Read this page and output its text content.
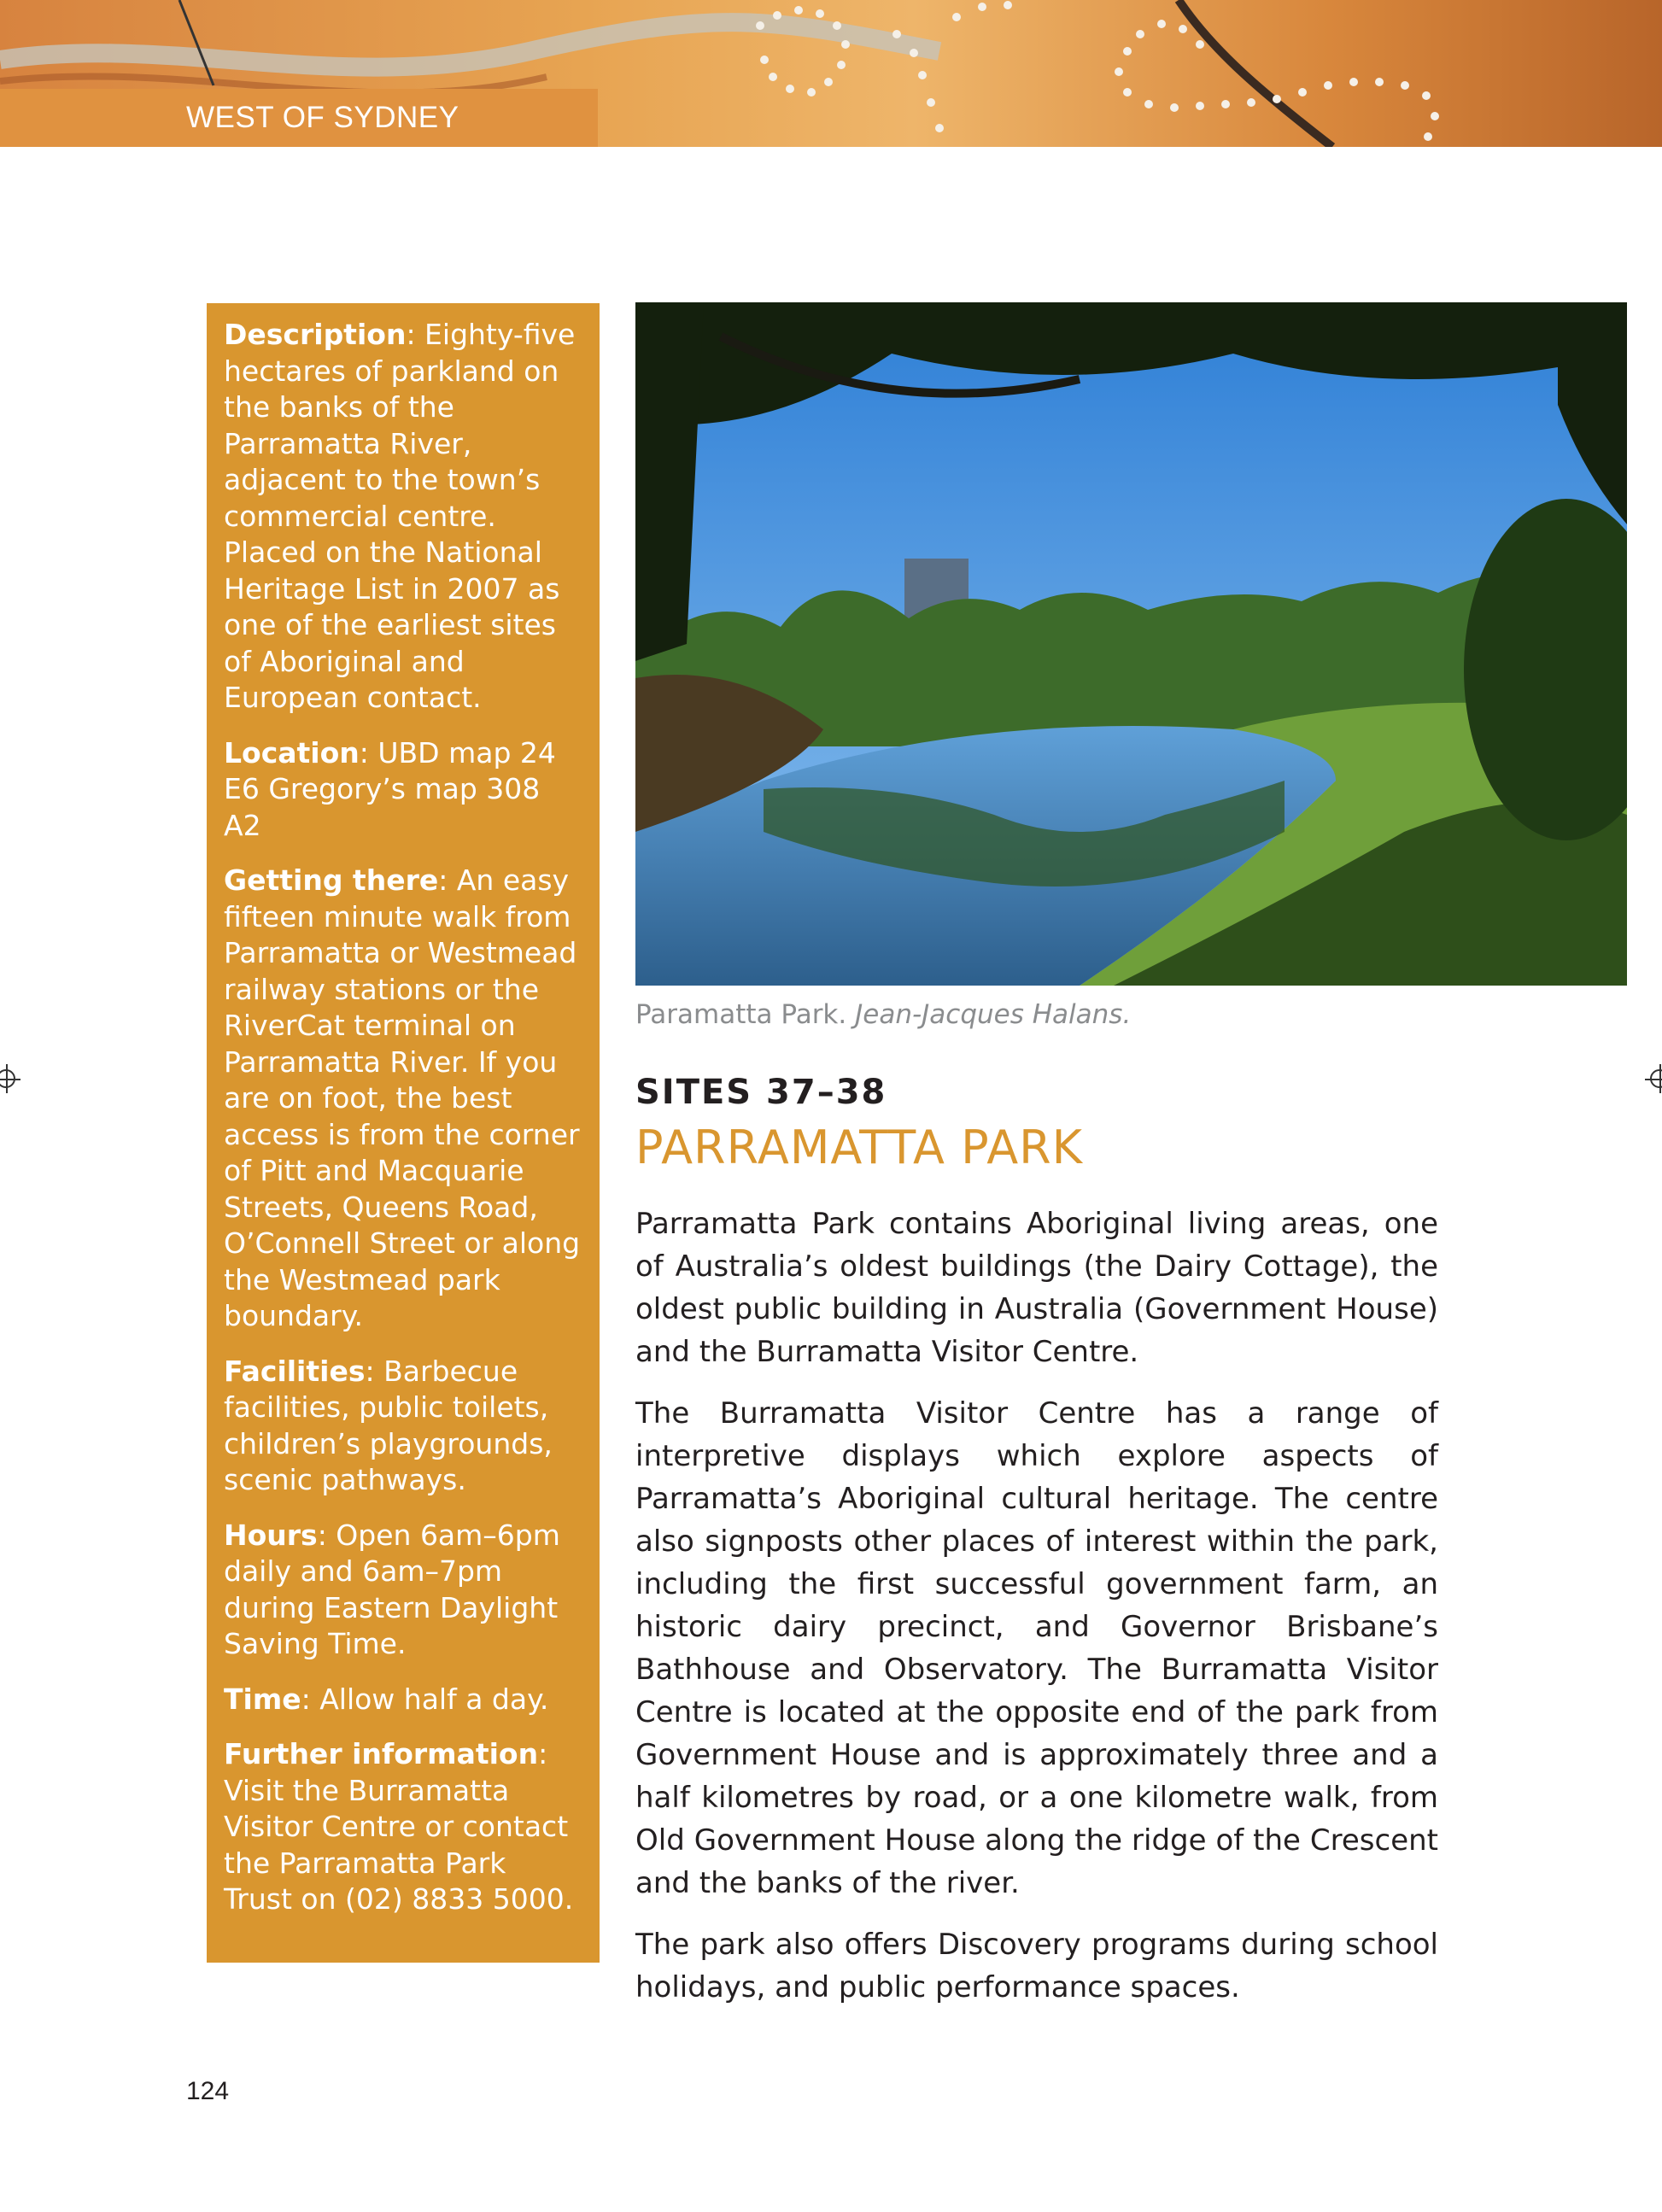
WEST OF SYDNEY

Description: Eighty-five hectares of parkland on the banks of the Parramatta River, adjacent to the town’s commercial centre. Placed on the National Heritage List in 2007 as one of the earliest sites of Aboriginal and European contact.

Location: UBD map 24 E6 Gregory’s map 308 A2

Getting there: An easy fifteen minute walk from Parramatta or Westmead railway stations or the RiverCat terminal on Parramatta River. If you are on foot, the best access is from the corner of Pitt and Macquarie Streets, Queens Road, O’Connell Street or along the Westmead park boundary.

Facilities: Barbecue facilities, public toilets, children’s playgrounds, scenic pathways.

Hours: Open 6am–6pm daily and 6am–7pm during Eastern Daylight Saving Time.

Time: Allow half a day.

Further information: Visit the Burramatta Visitor Centre or contact the Parramatta Park Trust on (02) 8833 5000.

Paramatta Park. Jean-Jacques Halans.
SITES 37–38
PARRAMATTA PARK

Parramatta Park contains Aboriginal living areas, one of Australia’s oldest buildings (the Dairy Cottage), the oldest public building in Australia (Government House) and the Burramatta Visitor Centre.

The Burramatta Visitor Centre has a range of interpretive displays which explore aspects of Parramatta’s Aboriginal cultural heritage. The centre also signposts other places of interest within the park, including the first successful government farm, an historic dairy precinct, and Governor Brisbane’s Bathhouse and Observatory. The Burramatta Visitor Centre is located at the opposite end of the park from Government House and is approximately three and a half kilometres by road, or a one kilometre walk, from Old Government House along the ridge of the Crescent and the banks of the river.

The park also offers Discovery programs during school holidays, and public performance spaces.

124
